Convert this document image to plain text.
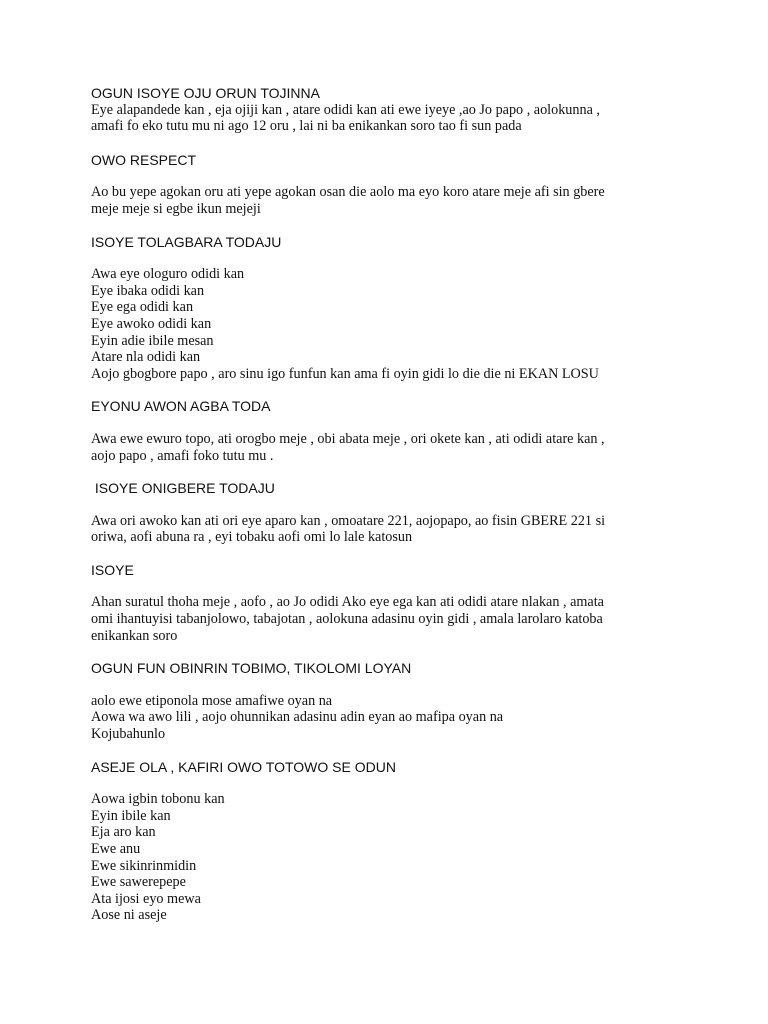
OGUN ISOYE OJU ORUN TOJINNA
Eye alapandede kan , eja ojiji kan , atare odidi kan ati ewe iyeye ,ao Jo papo , aolokunna ,
amafi fo eko tutu mu ni ago 12 oru , lai ni ba enikankan soro tao fi sun pada
OWO RESPECT
Ao bu yepe agokan oru ati yepe agokan osan die aolo ma eyo koro atare meje afi sin gbere
meje meje si egbe ikun mejeji
ISOYE TOLAGBARA TODAJU
Awa eye ologuro odidi kan
Eye ibaka odidi kan
Eye ega odidi kan
Eye awoko odidi kan
Eyin adie ibile mesan
Atare nla odidi kan
Aojo gbogbore papo , aro sinu igo funfun kan ama fi oyin gidi lo die die ni EKAN LOSU
EYONU AWON AGBA TODA
Awa ewe ewuro topo, ati orogbo meje , obi abata meje , ori okete kan , ati odidi atare kan ,
aojo papo , amafi foko tutu mu .
ISOYE ONIGBERE TODAJU
Awa ori awoko kan ati ori eye aparo kan , omoatare 221, aojopapo, ao fisin GBERE 221 si
oriwa, aofi abuna ra , eyi tobaku aofi omi lo lale katosun
ISOYE
Ahan suratul thoha meje , aofo , ao Jo odidi Ako eye ega kan ati odidi atare nlakan , amata
omi ihantuyisi tabanjolowo, tabajotan , aolokuna adasinu oyin gidi , amala larolaro katoba
enikankan soro
OGUN FUN OBINRIN TOBIMO, TIKOLOMI LOYAN
aolo ewe etiponola mose amafiwe oyan na
Aowa wa awo lili , aojo ohunnikan adasinu adin eyan ao mafipa oyan na
Kojubahunlo
ASEJE OLA , KAFIRI OWO TOTOWO SE ODUN
Aowa igbin tobonu kan
Eyin ibile kan
Eja aro kan
Ewe anu
Ewe sikinrinmidin
Ewe sawerepepe
Ata ijosi eyo mewa
Aose ni aseje
